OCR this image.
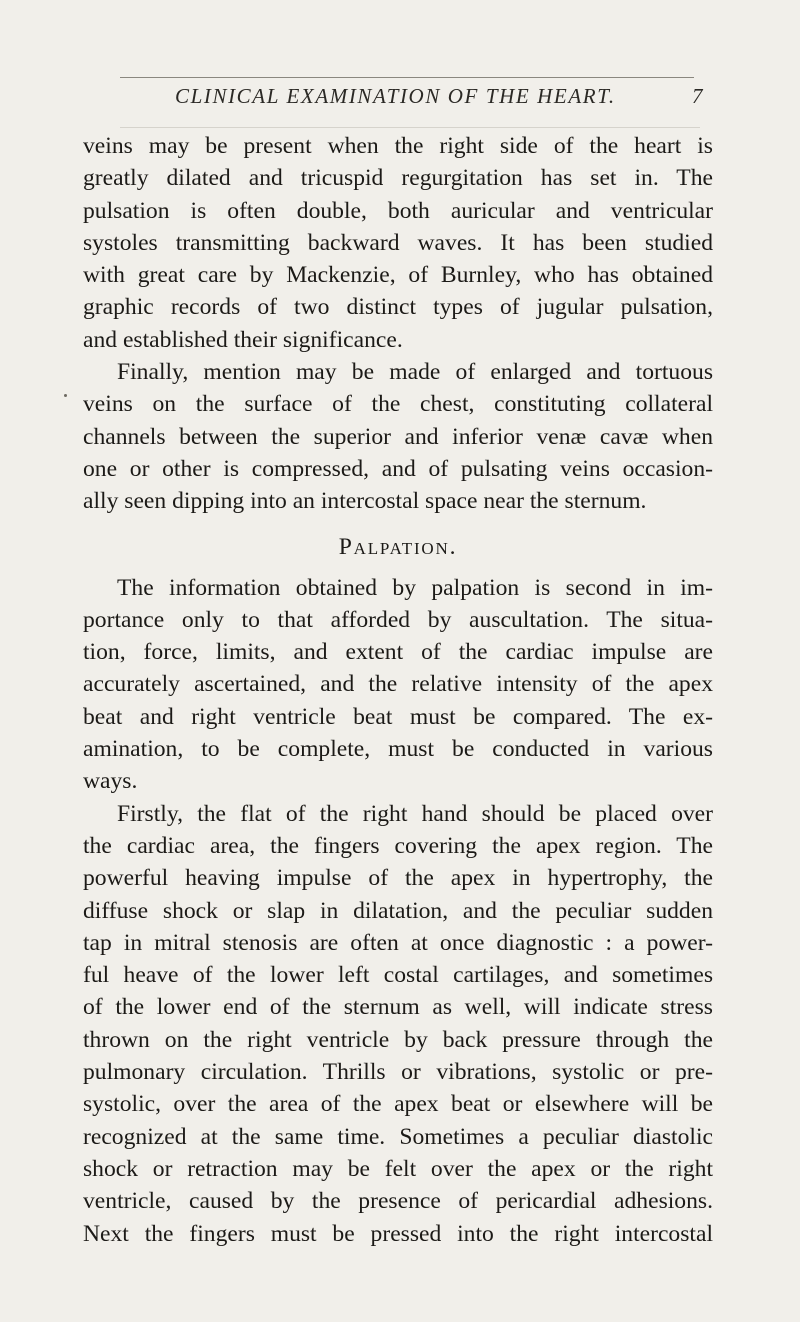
CLINICAL EXAMINATION OF THE HEART.	7
veins may be present when the right side of the heart is
greatly dilated and tricuspid regurgitation has set in. The
pulsation is often double, both auricular and ventricular
systoles transmitting backward waves. It has been studied
with great care by Mackenzie, of Burnley, who has obtained
graphic records of two distinct types of jugular pulsation,
and established their significance.
Finally, mention may be made of enlarged and tortuous
veins on the surface of the chest, constituting collateral
channels between the superior and inferior venæ cavæ when
one or other is compressed, and of pulsating veins occasion-
ally seen dipping into an intercostal space near the sternum.
Palpation.
The information obtained by palpation is second in im-
portance only to that afforded by auscultation. The situa-
tion, force, limits, and extent of the cardiac impulse are
accurately ascertained, and the relative intensity of the apex
beat and right ventricle beat must be compared. The ex-
amination, to be complete, must be conducted in various
ways.
Firstly, the flat of the right hand should be placed over
the cardiac area, the fingers covering the apex region. The
powerful heaving impulse of the apex in hypertrophy, the
diffuse shock or slap in dilatation, and the peculiar sudden
tap in mitral stenosis are often at once diagnostic : a power-
ful heave of the lower left costal cartilages, and sometimes
of the lower end of the sternum as well, will indicate stress
thrown on the right ventricle by back pressure through the
pulmonary circulation. Thrills or vibrations, systolic or pre-
systolic, over the area of the apex beat or elsewhere will be
recognized at the same time. Sometimes a peculiar diastolic
shock or retraction may be felt over the apex or the right
ventricle, caused by the presence of pericardial adhesions.
Next the fingers must be pressed into the right intercostal
